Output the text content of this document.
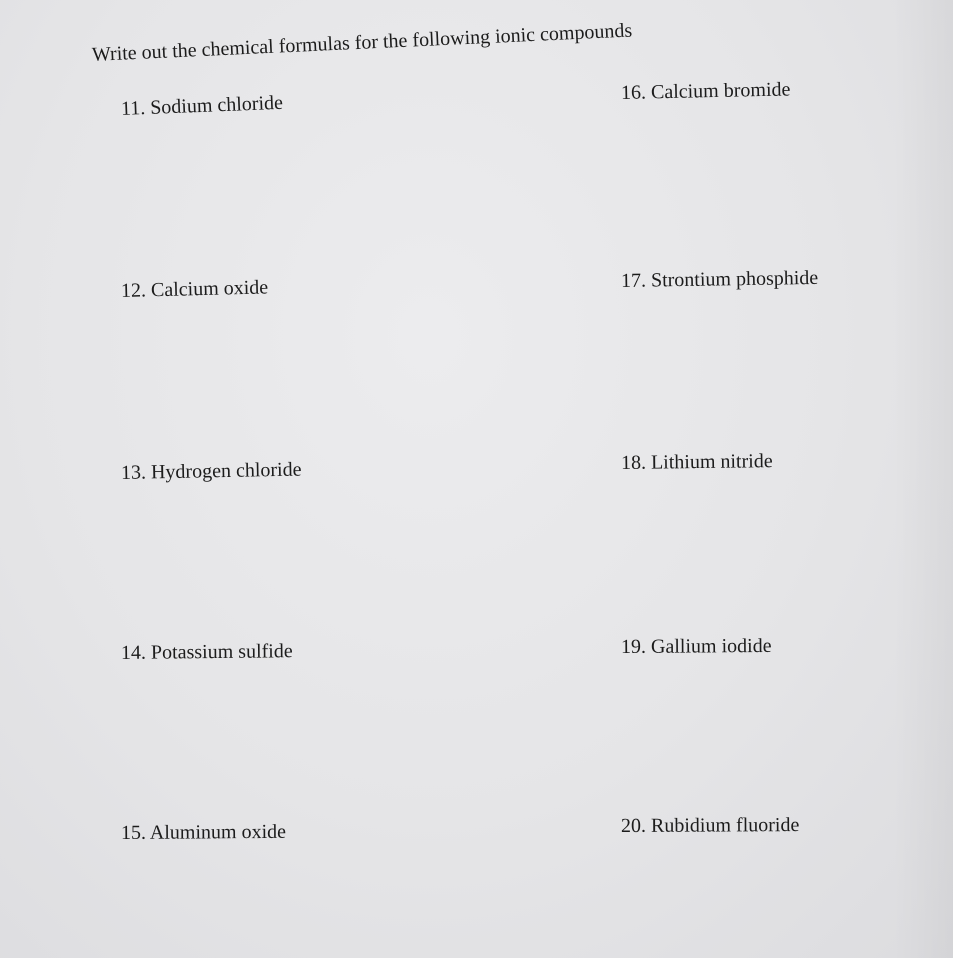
Write out the chemical formulas for the following ionic compounds
11. Sodium chloride
12. Calcium oxide
13. Hydrogen chloride
14. Potassium sulfide
15. Aluminum oxide
16. Calcium bromide
17. Strontium phosphide
18. Lithium nitride
19. Gallium iodide
20. Rubidium fluoride
